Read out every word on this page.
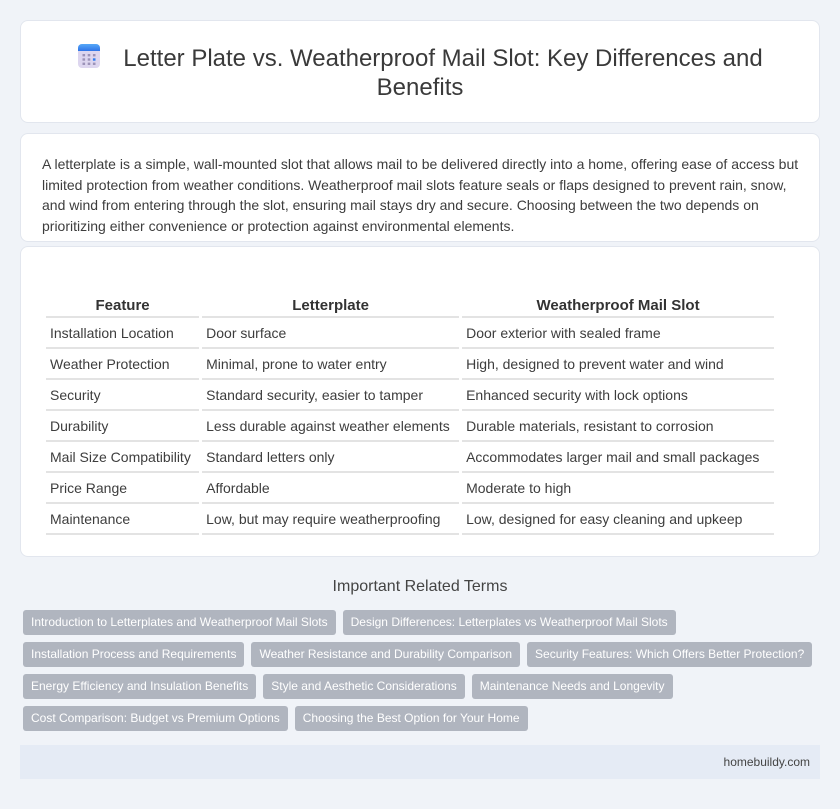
Letter Plate vs. Weatherproof Mail Slot: Key Differences and Benefits

A letterplate is a simple, wall-mounted slot that allows mail to be delivered directly into a home, offering ease of access but limited protection from weather conditions. Weatherproof mail slots feature seals or flaps designed to prevent rain, snow, and wind from entering through the slot, ensuring mail stays dry and secure. Choosing between the two depends on prioritizing either convenience or protection against environmental elements.

Feature	Letterplate	Weatherproof Mail Slot
Installation Location	Door surface	Door exterior with sealed frame
Weather Protection	Minimal, prone to water entry	High, designed to prevent water and wind
Security	Standard security, easier to tamper	Enhanced security with lock options
Durability	Less durable against weather elements	Durable materials, resistant to corrosion
Mail Size Compatibility	Standard letters only	Accommodates larger mail and small packages
Price Range	Affordable	Moderate to high
Maintenance	Low, but may require weatherproofing	Low, designed for easy cleaning and upkeep
Important Related Terms
Introduction to Letterplates and Weatherproof Mail Slots	Design Differences: Letterplates vs Weatherproof Mail Slots
Installation Process and Requirements	Weather Resistance and Durability Comparison	Security Features: Which Offers Better Protection?
Energy Efficiency and Insulation Benefits	Style and Aesthetic Considerations	Maintenance Needs and Longevity
Cost Comparison: Budget vs Premium Options	Choosing the Best Option for Your Home
homebuildy.com
